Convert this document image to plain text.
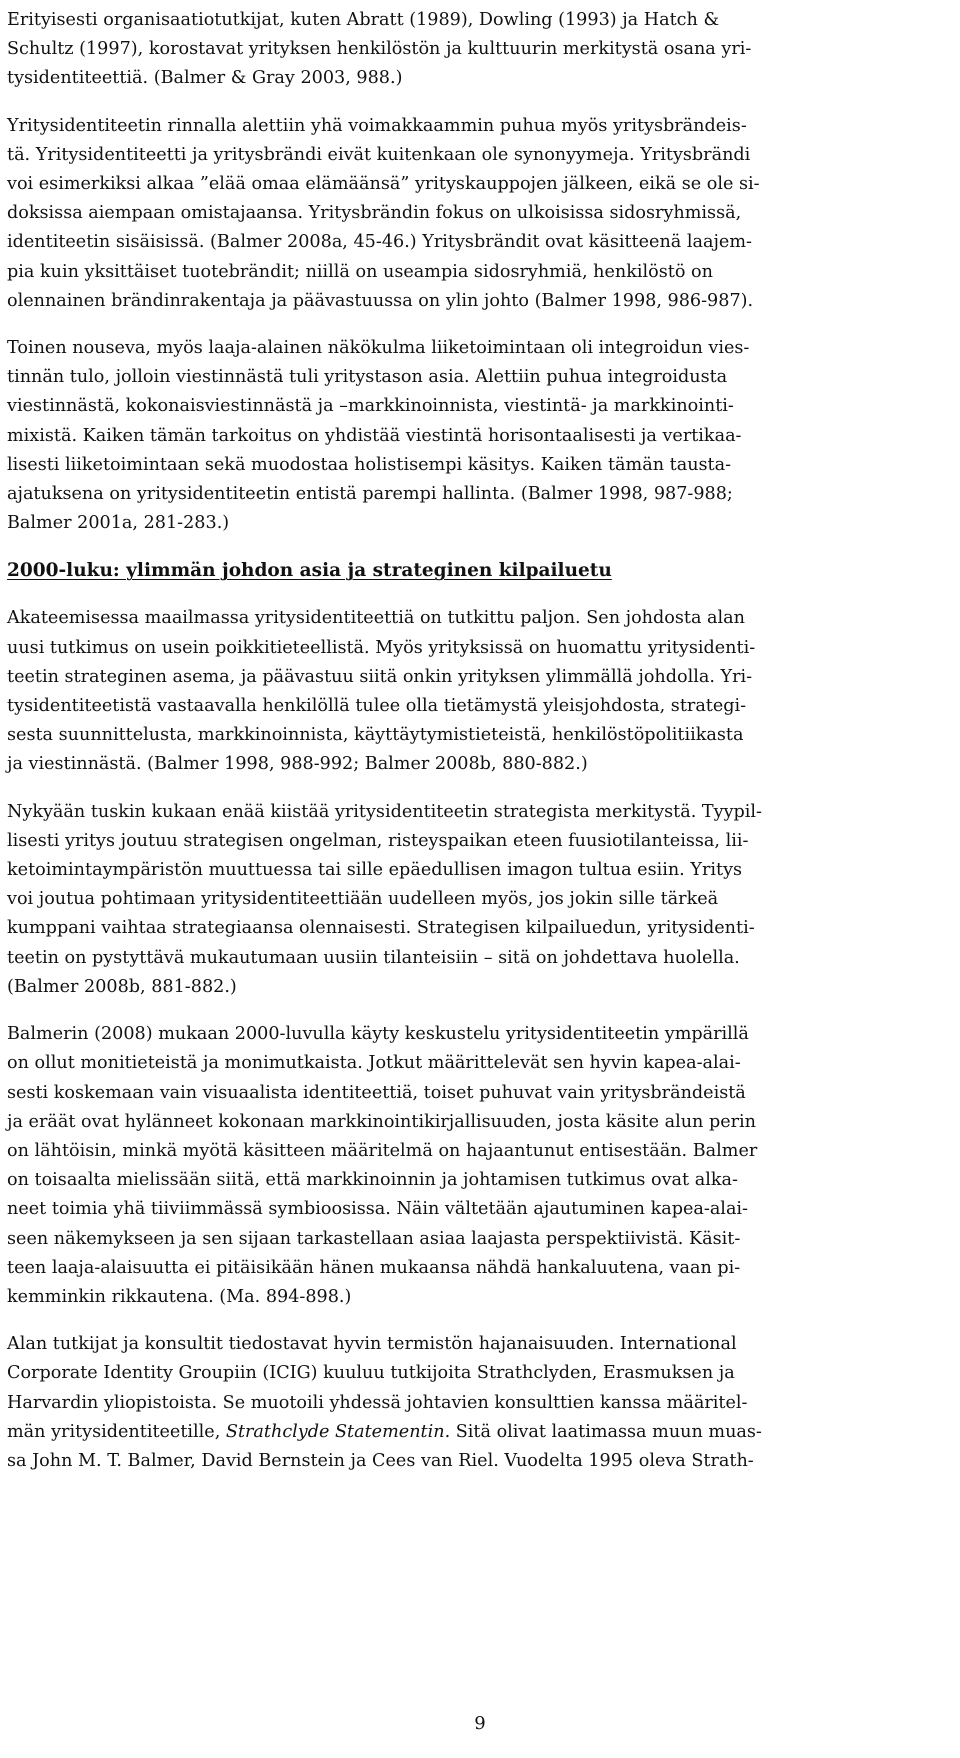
Erityisesti organisaatiotutkijat, kuten Abratt (1989), Dowling (1993) ja Hatch &
Schultz (1997), korostavat yrityksen henkilöstön ja kulttuurin merkitystä osana yri-
tysidentiteettiä. (Balmer & Gray 2003, 988.)

Yritysidentiteetin rinnalla alettiin yhä voimakkaammin puhua myös yritysbrändeis-
tä. Yritysidentiteetti ja yritysbrändi eivät kuitenkaan ole synonyymeja. Yritysbrändi
voi esimerkiksi alkaa ”elää omaa elämäänsä” yrityskauppojen jälkeen, eikä se ole si-
doksissa aiempaan omistajaansa. Yritysbrändin fokus on ulkoisissa sidosryhmissä,
identiteetin sisäisissä. (Balmer 2008a, 45-46.) Yritysbrändit ovat käsitteenä laajem-
pia kuin yksittäiset tuotebrändit; niillä on useampia sidosryhmiä, henkilöstö on
olennainen brändinrakentaja ja päävastuussa on ylin johto (Balmer 1998, 986-987).

Toinen nouseva, myös laaja-alainen näkökulma liiketoimintaan oli integroidun vies-
tinnän tulo, jolloin viestinnästä tuli yritystason asia. Alettiin puhua integroidusta
viestinnästä, kokonaisviestinnästä ja –markkinoinnista, viestintä- ja markkinointi-
mixistä. Kaiken tämän tarkoitus on yhdistää viestintä horisontaalisesti ja vertikaa-
lisesti liiketoimintaan sekä muodostaa holistisempi käsitys. Kaiken tämän tausta-
ajatuksena on yritysidentiteetin entistä parempi hallinta. (Balmer 1998, 987-988;
Balmer 2001a, 281-283.)

2000-luku: ylimmän johdon asia ja strateginen kilpailuetu

Akateemisessa maailmassa yritysidentiteettiä on tutkittu paljon. Sen johdosta alan
uusi tutkimus on usein poikkitieteellistä. Myös yrityksissä on huomattu yritysidenti-
teetin strateginen asema, ja päävastuu siitä onkin yrityksen ylimmällä johdolla. Yri-
tysidentiteetistä vastaavalla henkilöllä tulee olla tietämystä yleisjohdosta, strategi-
sesta suunnittelusta, markkinoinnista, käyttäytymistieteistä, henkilöstöpolitiikasta
ja viestinnästä. (Balmer 1998, 988-992; Balmer 2008b, 880-882.)

Nykyään tuskin kukaan enää kiistää yritysidentiteetin strategista merkitystä. Tyypil-
lisesti yritys joutuu strategisen ongelman, risteyspaikan eteen fuusiotilanteissa, lii-
ketoimintaympäristön muuttuessa tai sille epäedullisen imagon tultua esiin. Yritys
voi joutua pohtimaan yritysidentiteettiään uudelleen myös, jos jokin sille tärkeä
kumppani vaihtaa strategiaansa olennaisesti. Strategisen kilpailuedun, yritysidenti-
teetin on pystyttävä mukautumaan uusiin tilanteisiin – sitä on johdettava huolella.
(Balmer 2008b, 881-882.)

Balmerin (2008) mukaan 2000-luvulla käyty keskustelu yritysidentiteetin ympärillä
on ollut monitieteistä ja monimutkaista. Jotkut määrittelevät sen hyvin kapea-alai-
sesti koskemaan vain visuaalista identiteettiä, toiset puhuvat vain yritysbrändeistä
ja eräät ovat hylänneet kokonaan markkinointikirjallisuuden, josta käsite alun perin
on lähtöisin, minkä myötä käsitteen määritelmä on hajaantunut entisestään. Balmer
on toisaalta mielissään siitä, että markkinoinnin ja johtamisen tutkimus ovat alka-
neet toimia yhä tiiviimmässä symbioosissa. Näin vältetään ajautuminen kapea-alai-
seen näkemykseen ja sen sijaan tarkastellaan asiaa laajasta perspektiivistä. Käsit-
teen laaja-alaisuutta ei pitäisikään hänen mukaansa nähdä hankaluutena, vaan pi-
kemminkin rikkautena. (Ma. 894-898.)

Alan tutkijat ja konsultit tiedostavat hyvin termistön hajanaisuuden. International
Corporate Identity Groupiin (ICIG) kuuluu tutkijoita Strathclyden, Erasmuksen ja
Harvardin yliopistoista. Se muotoili yhdessä johtavien konsulttien kanssa määritel-
män yritysidentiteetille, Strathclyde Statementin. Sitä olivat laatimassa muun muas-
sa John M. T. Balmer, David Bernstein ja Cees van Riel. Vuodelta 1995 oleva Strath-

9
